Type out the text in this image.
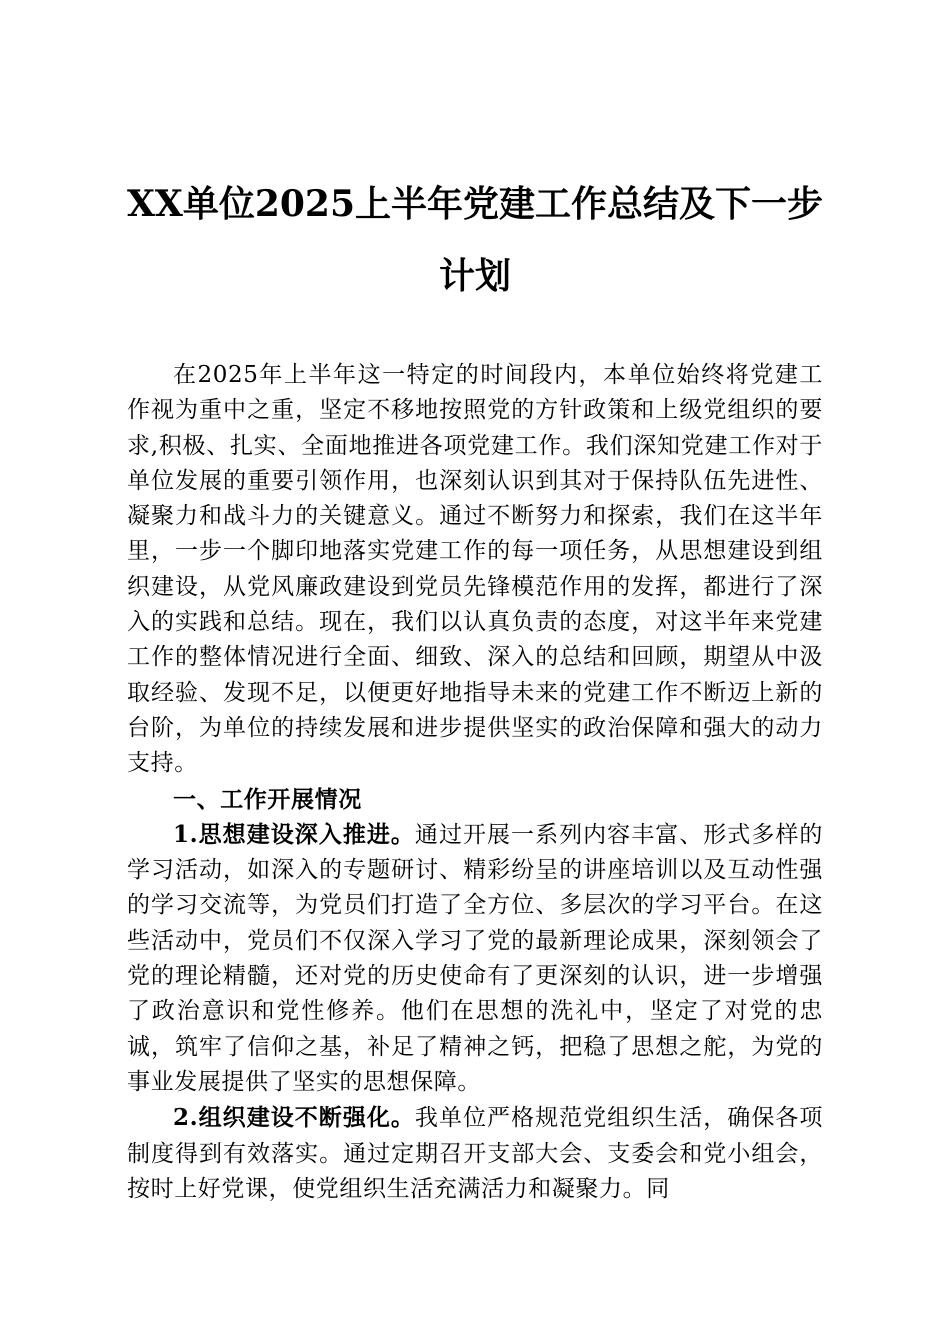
XX单位2025上半年党建工作总结及下一步计划

在2025年上半年这一特定的时间段内，本单位始终将党建工作视为重中之重，坚定不移地按照党的方针政策和上级党组织的要求,积极、扎实、全面地推进各项党建工作。我们深知党建工作对于单位发展的重要引领作用，也深刻认识到其对于保持队伍先进性、凝聚力和战斗力的关键意义。通过不断努力和探索，我们在这半年里，一步一个脚印地落实党建工作的每一项任务，从思想建设到组织建设，从党风廉政建设到党员先锋模范作用的发挥，都进行了深入的实践和总结。现在，我们以认真负责的态度，对这半年来党建工作的整体情况进行全面、细致、深入的总结和回顾，期望从中汲取经验、发现不足，以便更好地指导未来的党建工作不断迈上新的台阶，为单位的持续发展和进步提供坚实的政治保障和强大的动力支持。

一、工作开展情况

1.思想建设深入推进。通过开展一系列内容丰富、形式多样的学习活动，如深入的专题研讨、精彩纷呈的讲座培训以及互动性强的学习交流等，为党员们打造了全方位、多层次的学习平台。在这些活动中，党员们不仅深入学习了党的最新理论成果，深刻领会了党的理论精髓，还对党的历史使命有了更深刻的认识，进一步增强了政治意识和党性修养。他们在思想的洗礼中，坚定了对党的忠诚，筑牢了信仰之基，补足了精神之钙，把稳了思想之舵，为党的事业发展提供了坚实的思想保障。

2.组织建设不断强化。我单位严格规范党组织生活，确保各项制度得到有效落实。通过定期召开支部大会、支委会和党小组会，按时上好党课，使党组织生活充满活力和凝聚力。同
